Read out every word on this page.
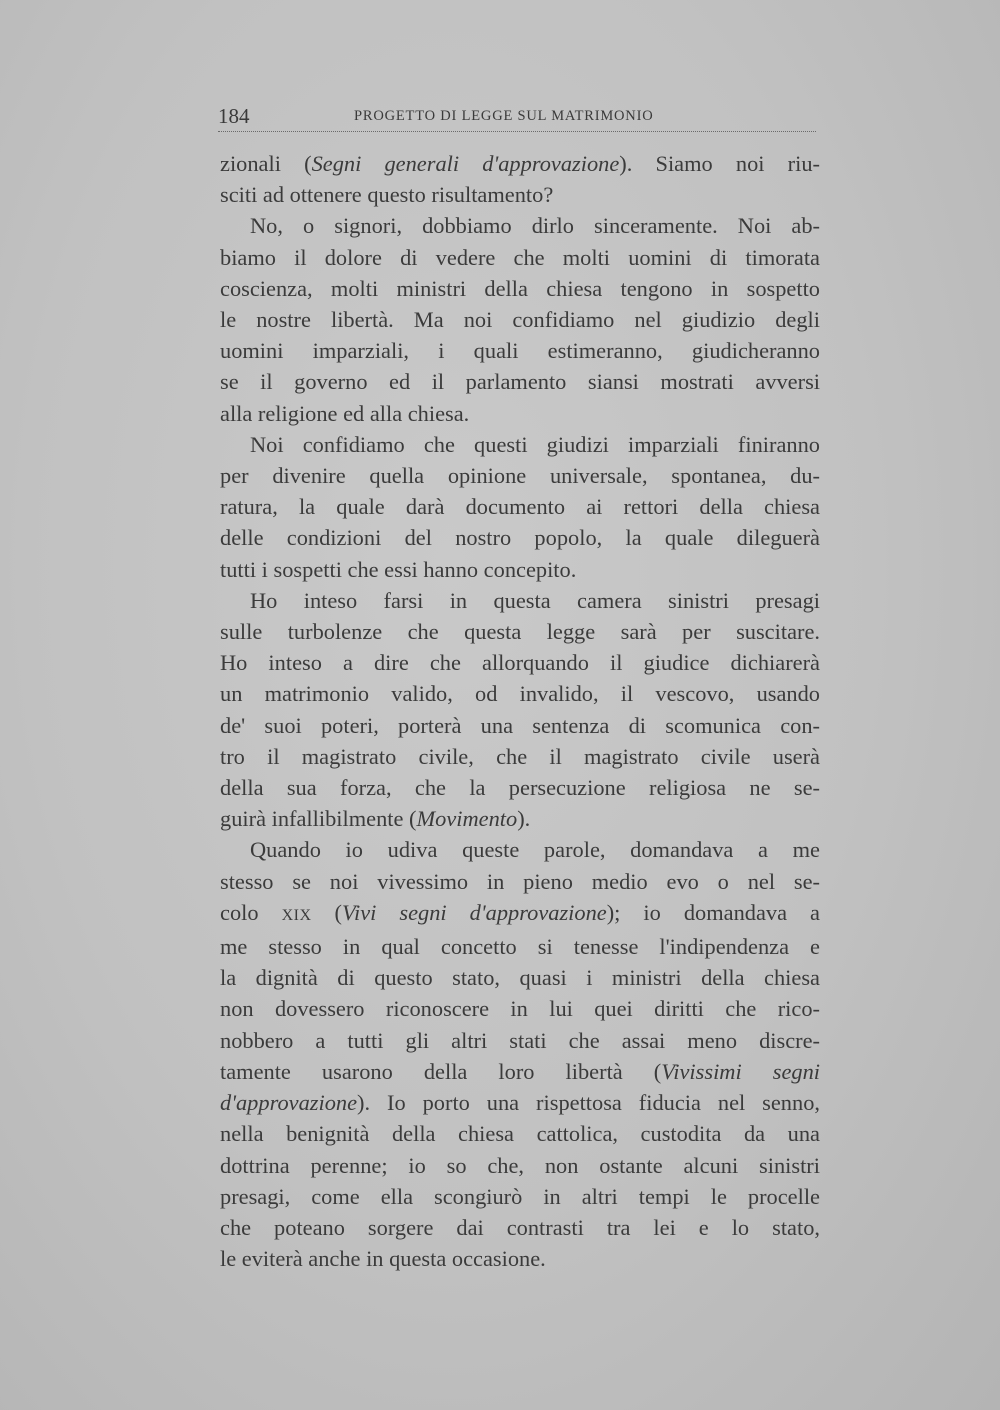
184	PROGETTO DI LEGGE SUL MATRIMONIO
zionali (Segni generali d'approvazione). Siamo noi riu-
sciti ad ottenere questo risultamento?
No, o signori, dobbiamo dirlo sinceramente. Noi ab-
biamo il dolore di vedere che molti uomini di timorata
coscienza, molti ministri della chiesa tengono in sospetto
le nostre libertà. Ma noi confidiamo nel giudizio degli
uomini imparziali, i quali estimeranno, giudicheranno
se il governo ed il parlamento siansi mostrati avversi
alla religione ed alla chiesa.
Noi confidiamo che questi giudizi imparziali finiranno
per divenire quella opinione universale, spontanea, du-
ratura, la quale darà documento ai rettori della chiesa
delle condizioni del nostro popolo, la quale dileguerà
tutti i sospetti che essi hanno concepito.
Ho inteso farsi in questa camera sinistri presagi
sulle turbolenze che questa legge sarà per suscitare.
Ho inteso a dire che allorquando il giudice dichiarerà
un matrimonio valido, od invalido, il vescovo, usando
de' suoi poteri, porterà una sentenza di scomunica con-
tro il magistrato civile, che il magistrato civile userà
della sua forza, che la persecuzione religiosa ne se-
guirà infallibilmente (Movimento).
Quando io udiva queste parole, domandava a me
stesso se noi vivessimo in pieno medio evo o nel se-
colo XIX (Vivi segni d'approvazione); io domandava a
me stesso in qual concetto si tenesse l'indipendenza e
la dignità di questo stato, quasi i ministri della chiesa
non dovessero riconoscere in lui quei diritti che rico-
nobbero a tutti gli altri stati che assai meno discre-
tamente usarono della loro libertà (Vivissimi segni
d'approvazione). Io porto una rispettosa fiducia nel senno,
nella benignità della chiesa cattolica, custodita da una
dottrina perenne; io so che, non ostante alcuni sinistri
presagi, come ella scongiurò in altri tempi le procelle
che poteano sorgere dai contrasti tra lei e lo stato,
le eviterà anche in questa occasione.
